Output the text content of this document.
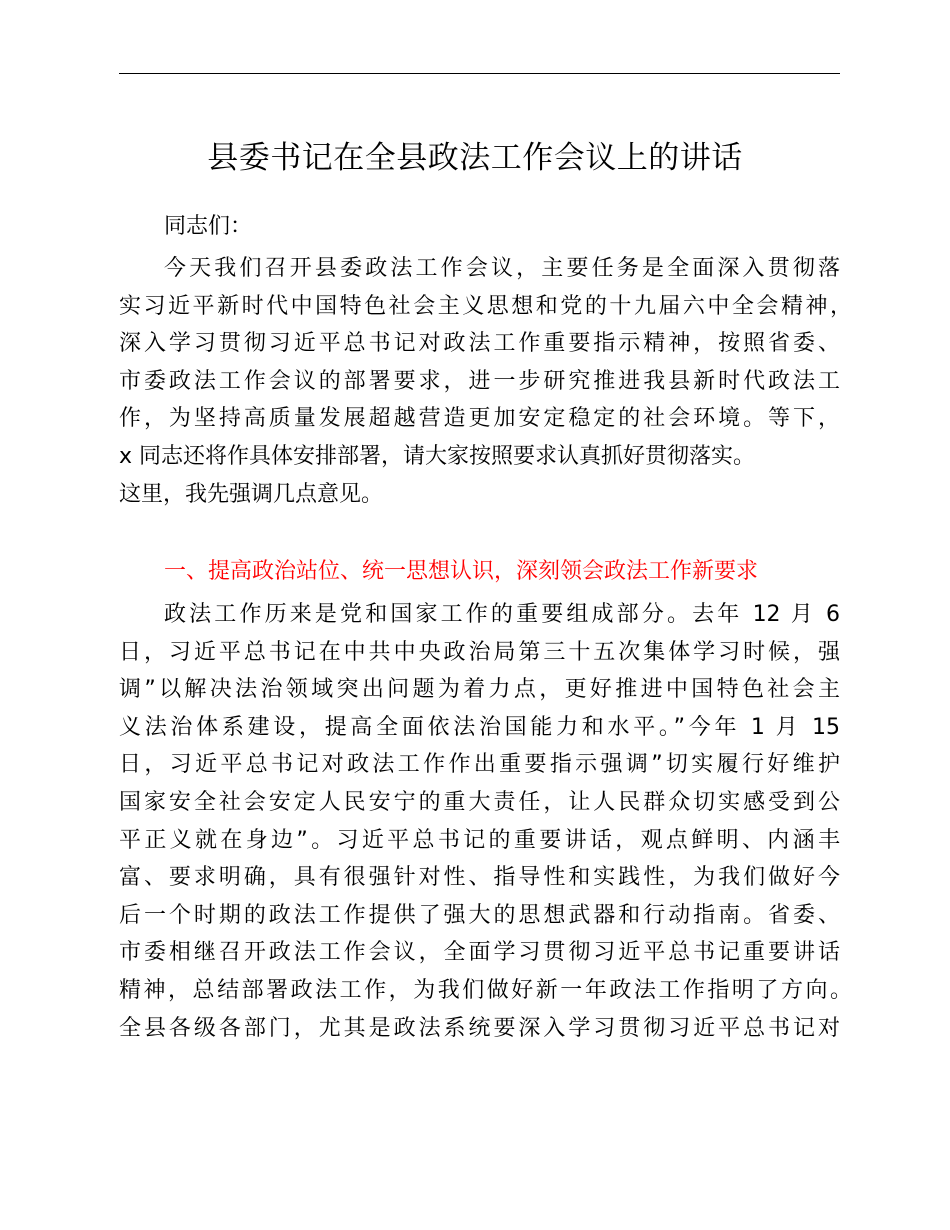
县委书记在全县政法工作会议上的讲话
同志们：
今天我们召开县委政法工作会议，主要任务是全面深入贯彻落
实习近平新时代中国特色社会主义思想和党的十九届六中全会精神，
深入学习贯彻习近平总书记对政法工作重要指示精神，按照省委、
市委政法工作会议的部署要求，进一步研究推进我县新时代政法工
作，为坚持高质量发展超越营造更加安定稳定的社会环境。等下，
x 同志还将作具体安排部署，请大家按照要求认真抓好贯彻落实。
这里，我先强调几点意见。
一、提高政治站位、统一思想认识，深刻领会政法工作新要求
政法工作历来是党和国家工作的重要组成部分。去年 12 月 6
日，习近平总书记在中共中央政治局第三十五次集体学习时候，强
调”以解决法治领域突出问题为着力点，更好推进中国特色社会主
义法治体系建设，提高全面依法治国能力和水平。”今年 1 月 15
日，习近平总书记对政法工作作出重要指示强调”切实履行好维护
国家安全社会安定人民安宁的重大责任，让人民群众切实感受到公
平正义就在身边”。习近平总书记的重要讲话，观点鲜明、内涵丰
富、要求明确，具有很强针对性、指导性和实践性，为我们做好今
后一个时期的政法工作提供了强大的思想武器和行动指南。省委、
市委相继召开政法工作会议，全面学习贯彻习近平总书记重要讲话
精神，总结部署政法工作，为我们做好新一年政法工作指明了方向。
全县各级各部门，尤其是政法系统要深入学习贯彻习近平总书记对
